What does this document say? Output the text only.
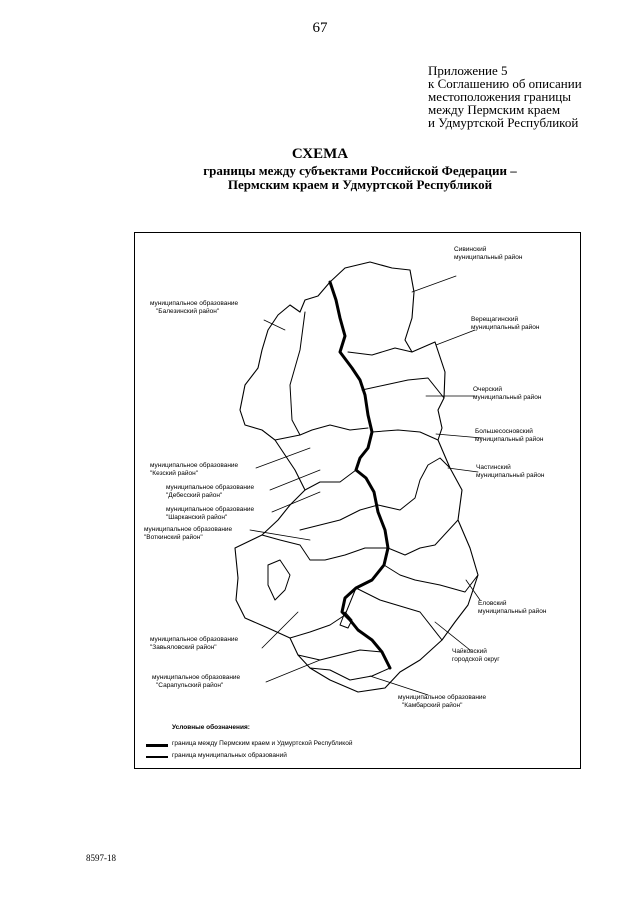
67
Приложение 5
к Соглашению об описании
местоположения границы
между Пермским краем
и Удмуртской Республикой
СХЕМА
границы между субъектами Российской Федерации –
Пермским краем и Удмуртской Республикой
Сивинский
муниципальный район
Верещагинский
муниципальный район
Очерский
муниципальный район
Большесосновский
муниципальный район
Частинский
муниципальный район
Еловский
муниципальный район
Чайковский
городской округ
муниципальное образование
"Балезинский район"
муниципальное образование
"Кезский район"
муниципальное образование
"Дебесский район"
муниципальное образование
"Шарканский район"
муниципальное образование
"Воткинский район"
муниципальное образование
"Завьяловский район"
муниципальное образование
"Сарапульский район"
муниципальное образование
"Камбарский район"
Условные обозначения:
граница между Пермским краем и Удмуртской Республикой
граница муниципальных образований
8597-18
